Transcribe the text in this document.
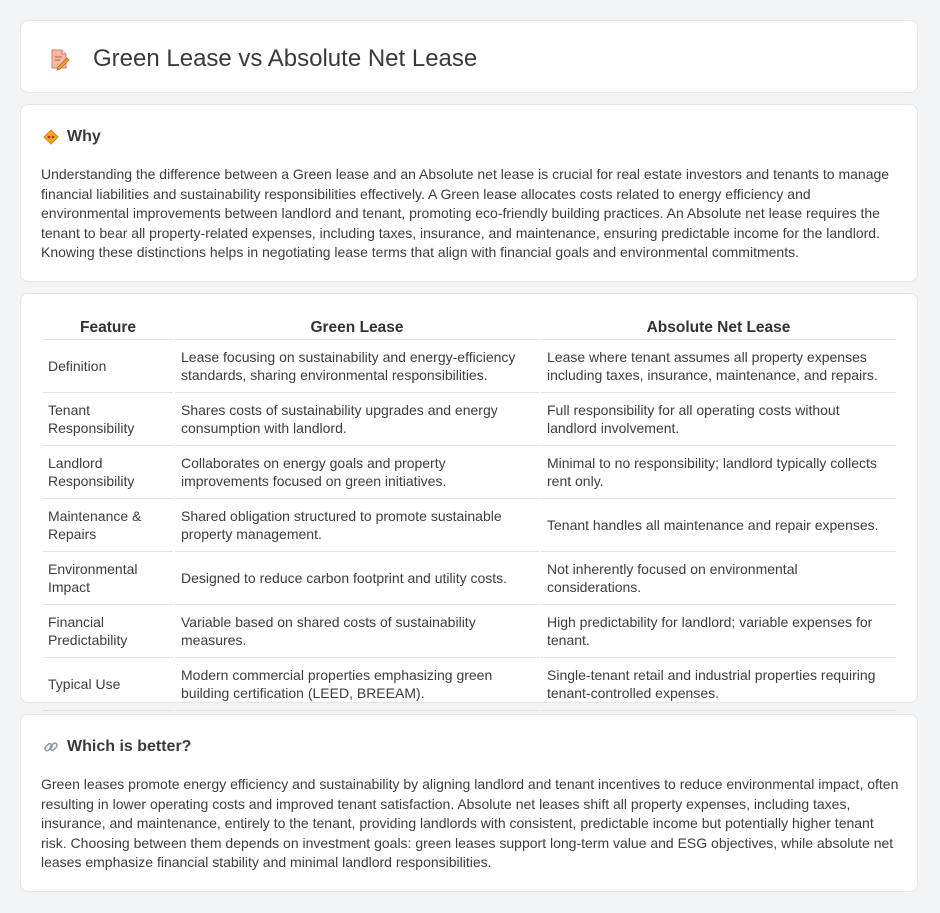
Green Lease vs Absolute Net Lease
Why

Understanding the difference between a Green lease and an Absolute net lease is crucial for real estate investors and tenants to manage financial liabilities and sustainability responsibilities effectively. A Green lease allocates costs related to energy efficiency and environmental improvements between landlord and tenant, promoting eco-friendly building practices. An Absolute net lease requires the tenant to bear all property-related expenses, including taxes, insurance, and maintenance, ensuring predictable income for the landlord. Knowing these distinctions helps in negotiating lease terms that align with financial goals and environmental commitments.

Feature	Green Lease	Absolute Net Lease
Definition	Lease focusing on sustainability and energy-efficiency standards, sharing environmental responsibilities.	Lease where tenant assumes all property expenses including taxes, insurance, maintenance, and repairs.
Tenant Responsibility	Shares costs of sustainability upgrades and energy consumption with landlord.	Full responsibility for all operating costs without landlord involvement.
Landlord Responsibility	Collaborates on energy goals and property improvements focused on green initiatives.	Minimal to no responsibility; landlord typically collects rent only.
Maintenance & Repairs	Shared obligation structured to promote sustainable property management.	Tenant handles all maintenance and repair expenses.
Environmental Impact	Designed to reduce carbon footprint and utility costs.	Not inherently focused on environmental considerations.
Financial Predictability	Variable based on shared costs of sustainability measures.	High predictability for landlord; variable expenses for tenant.
Typical Use	Modern commercial properties emphasizing green building certification (LEED, BREEAM).	Single-tenant retail and industrial properties requiring tenant-controlled expenses.
Which is better?

Green leases promote energy efficiency and sustainability by aligning landlord and tenant incentives to reduce environmental impact, often resulting in lower operating costs and improved tenant satisfaction. Absolute net leases shift all property expenses, including taxes, insurance, and maintenance, entirely to the tenant, providing landlords with consistent, predictable income but potentially higher tenant risk. Choosing between them depends on investment goals: green leases support long-term value and ESG objectives, while absolute net leases emphasize financial stability and minimal landlord responsibilities.
